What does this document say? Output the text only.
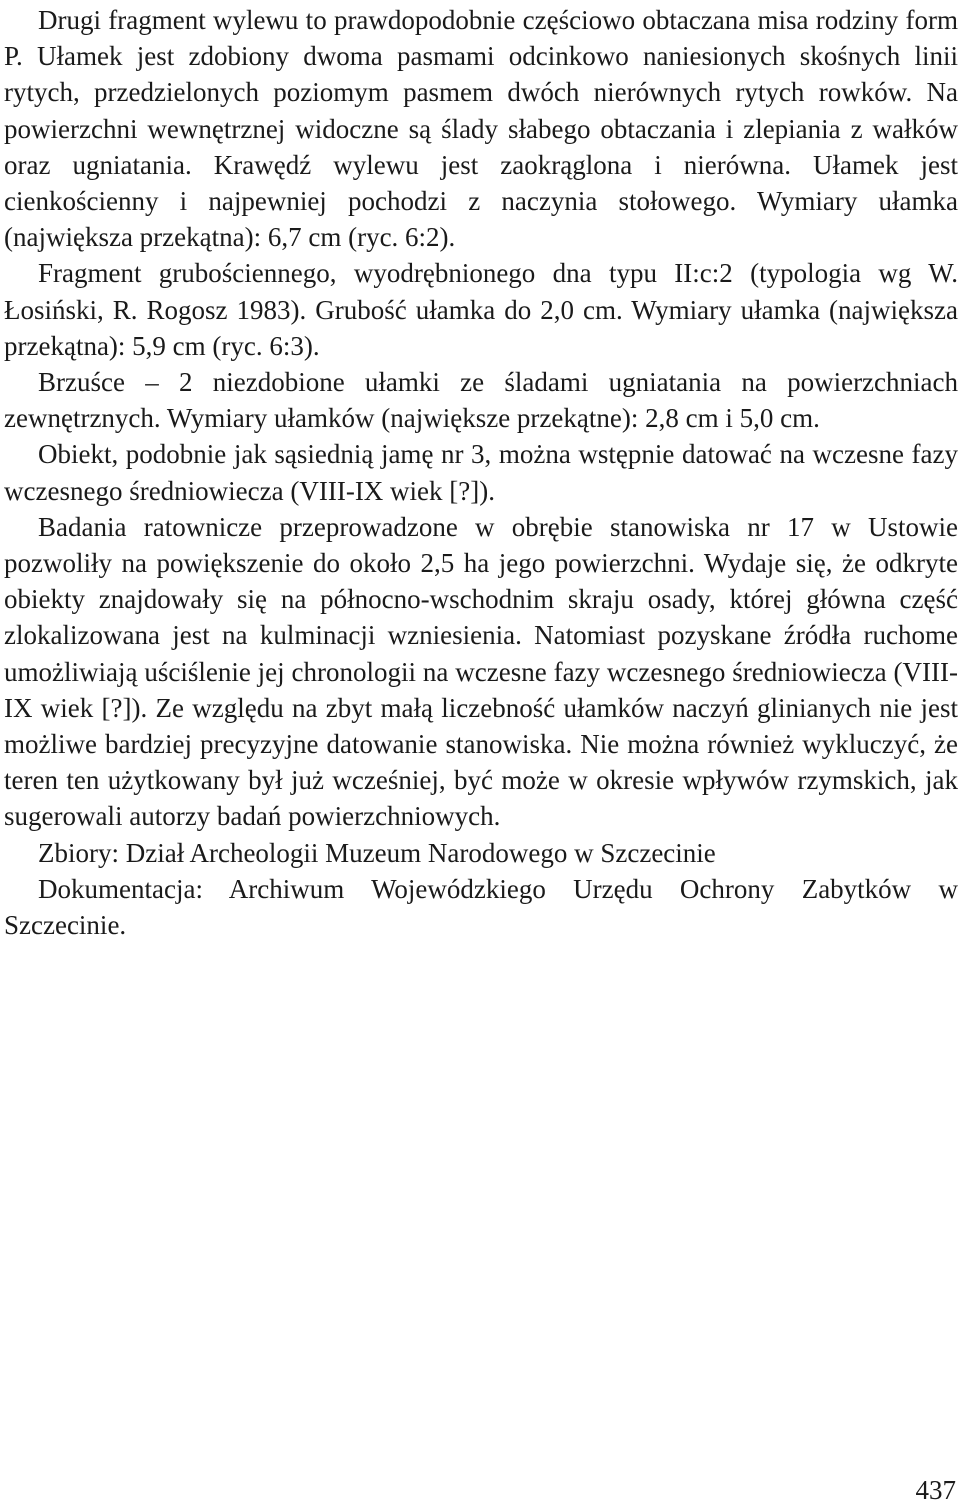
Drugi fragment wylewu to prawdopodobnie częściowo obtaczana misa rodziny form P. Ułamek jest zdobiony dwoma pasmami odcinkowo naniesionych skośnych linii rytych, przedzielonych poziomym pasmem dwóch nierównych rytych rowków. Na powierzchni wewnętrznej widoczne są ślady słabego obtaczania i zlepiania z wałków oraz ugniatania. Krawędź wylewu jest zaokrąglona i nierówna. Ułamek jest cienkościenny i najpewniej pochodzi z naczynia stołowego. Wymiary ułamka (największa przekątna): 6,7 cm (ryc. 6:2).

Fragment grubościennego, wyodrębnionego dna typu II:c:2 (typologia wg W. Łosiński, R. Rogosz 1983). Grubość ułamka do 2,0 cm. Wymiary ułamka (największa przekątna): 5,9 cm (ryc. 6:3).

Brzuśce – 2 niezdobione ułamki ze śladami ugniatania na powierzchniach zewnętrznych. Wymiary ułamków (największe przekątne): 2,8 cm i 5,0 cm.

Obiekt, podobnie jak sąsiednią jamę nr 3, można wstępnie datować na wczesne fazy wczesnego średniowiecza (VIII-IX wiek [?]).

Badania ratownicze przeprowadzone w obrębie stanowiska nr 17 w Ustowie pozwoliły na powiększenie do około 2,5 ha jego powierzchni. Wydaje się, że odkryte obiekty znajdowały się na północno-wschodnim skraju osady, której główna część zlokalizowana jest na kulminacji wzniesienia. Natomiast pozyskane źródła ruchome umożliwiają uściślenie jej chronologii na wczesne fazy wczesnego średniowiecza (VIII-IX wiek [?]). Ze względu na zbyt małą liczebność ułamków naczyń glinianych nie jest możliwe bardziej precyzyjne datowanie stanowiska. Nie można również wykluczyć, że teren ten użytkowany był już wcześniej, być może w okresie wpływów rzymskich, jak sugerowali autorzy badań powierzchniowych.

Zbiory: Dział Archeologii Muzeum Narodowego w Szczecinie

Dokumentacja: Archiwum Wojewódzkiego Urzędu Ochrony Zabytków w Szczecinie.

437
